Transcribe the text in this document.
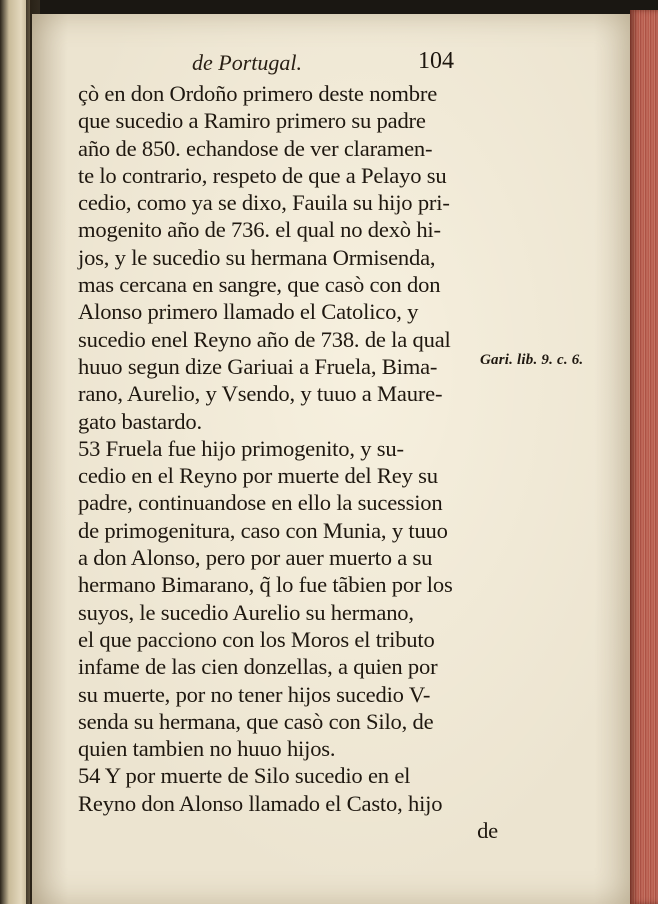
de Portugal.	104
çò en don Ordoño primero deste nombre
que sucedio a Ramiro primero su padre
año de 850. echandose de ver claramen-
te lo contrario, respeto de que a Pelayo su
cedio, como ya se dixo, Fauila su hijo pri-
mogenito año de 736. el qual no dexò hi-
jos, y le sucedio su hermana Ormisenda,
mas cercana en sangre, que casò con don
Alonso primero llamado el Catolico, y
sucedio enel Reyno año de 738. de la qual
huuo segun dize Gariuai a Fruela, Bima-
rano, Aurelio, y Vsendo, y tuuo a Maure-
gato bastardo.
53 Fruela fue hijo primogenito, y su-
cedio en el Reyno por muerte del Rey su
padre, continuandose en ello la sucession
de primogenitura, caso con Munia, y tuuo
a don Alonso, pero por auer muerto a su
hermano Bimarano, q̃ lo fue tãbien por los
suyos, le sucedio Aurelio su hermano,
el que pacciono con los Moros el tributo
infame de las cien donzellas, a quien por
su muerte, por no tener hijos sucedio V-
senda su hermana, que casò con Silo, de
quien tambien no huuo hijos.
54 Y por muerte de Silo sucedio en el
Reyno don Alonso llamado el Casto, hijo
de
Gari. lib. 9. c. 6.
